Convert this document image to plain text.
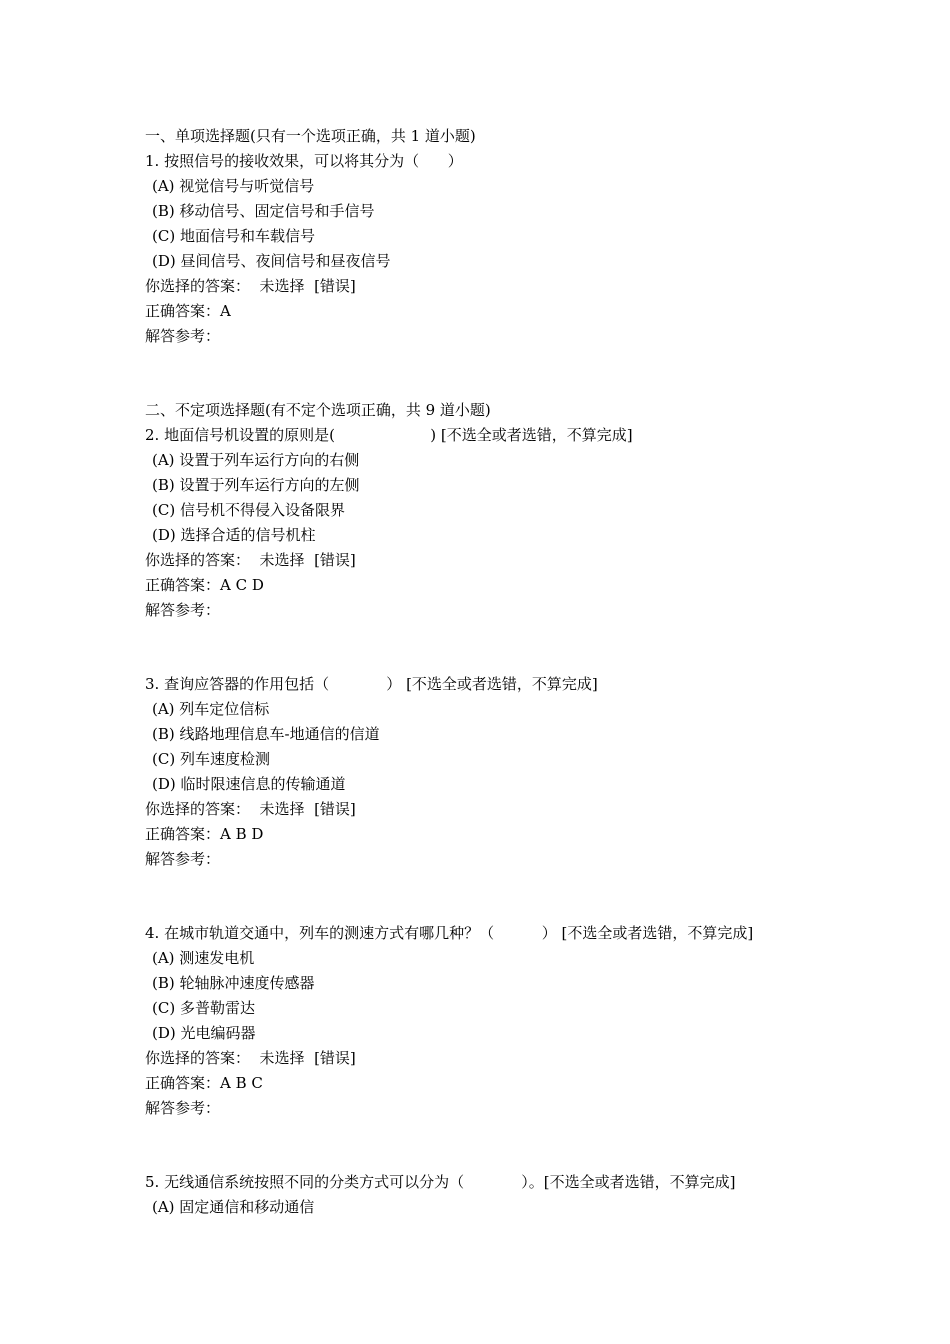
一、单项选择题(只有一个选项正确，共 1 道小题)
1. 按照信号的接收效果，可以将其分为（      ）
(A) 视觉信号与听觉信号
(B) 移动信号、固定信号和手信号
(C) 地面信号和车载信号
(D) 昼间信号、夜间信号和昼夜信号
你选择的答案：  未选择  [错误]
正确答案：A
解答参考：
二、不定项选择题(有不定个选项正确，共 9 道小题)
2. 地面信号机设置的原则是(                    ) [不选全或者选错，不算完成]
(A) 设置于列车运行方向的右侧
(B) 设置于列车运行方向的左侧
(C) 信号机不得侵入设备限界
(D) 选择合适的信号机柱
你选择的答案：  未选择  [错误]
正确答案：A C D
解答参考：
3. 查询应答器的作用包括（            ） [不选全或者选错，不算完成]
(A) 列车定位信标
(B) 线路地理信息车-地通信的信道
(C) 列车速度检测
(D) 临时限速信息的传输通道
你选择的答案：  未选择  [错误]
正确答案：A B D
解答参考：
4. 在城市轨道交通中，列车的测速方式有哪几种？（          ） [不选全或者选错，不算完成]
(A) 测速发电机
(B) 轮轴脉冲速度传感器
(C) 多普勒雷达
(D) 光电编码器
你选择的答案：  未选择  [错误]
正确答案：A B C
解答参考：
5. 无线通信系统按照不同的分类方式可以分为（            ）。[不选全或者选错，不算完成]
(A) 固定通信和移动通信
